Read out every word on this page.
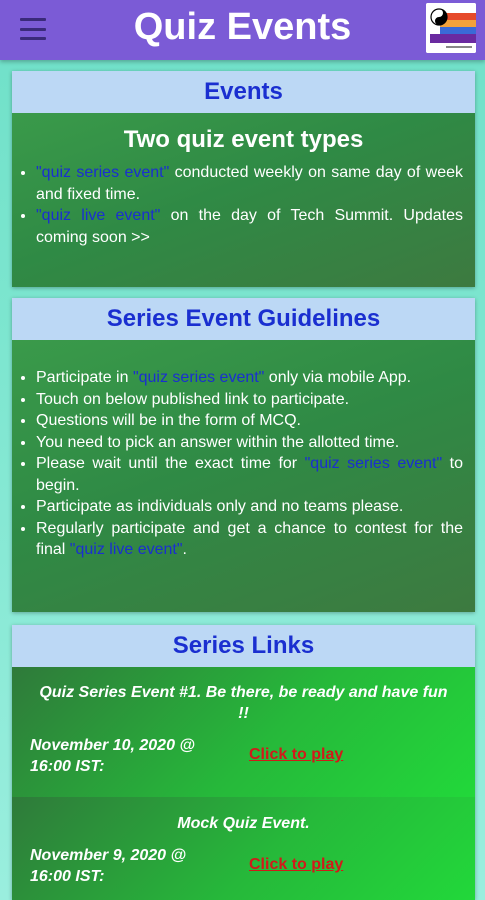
Quiz Events
Events
Two quiz event types
• "quiz series event" conducted weekly on same day of week and fixed time.
• "quiz live event" on the day of Tech Summit. Updates coming soon >>
Series Event Guidelines
• Participate in "quiz series event" only via mobile App.
• Touch on below published link to participate.
• Questions will be in the form of MCQ.
• You need to pick an answer within the allotted time.
• Please wait until the exact time for "quiz series event" to begin.
• Participate as individuals only and no teams please.
• Regularly participate and get a chance to contest for the final "quiz live event".
Series Links
Quiz Series Event #1. Be there, be ready and have fun !!
November 10, 2020 @ 16:00 IST:
Click to play
Mock Quiz Event.
November 9, 2020 @ 16:00 IST:
Click to play
